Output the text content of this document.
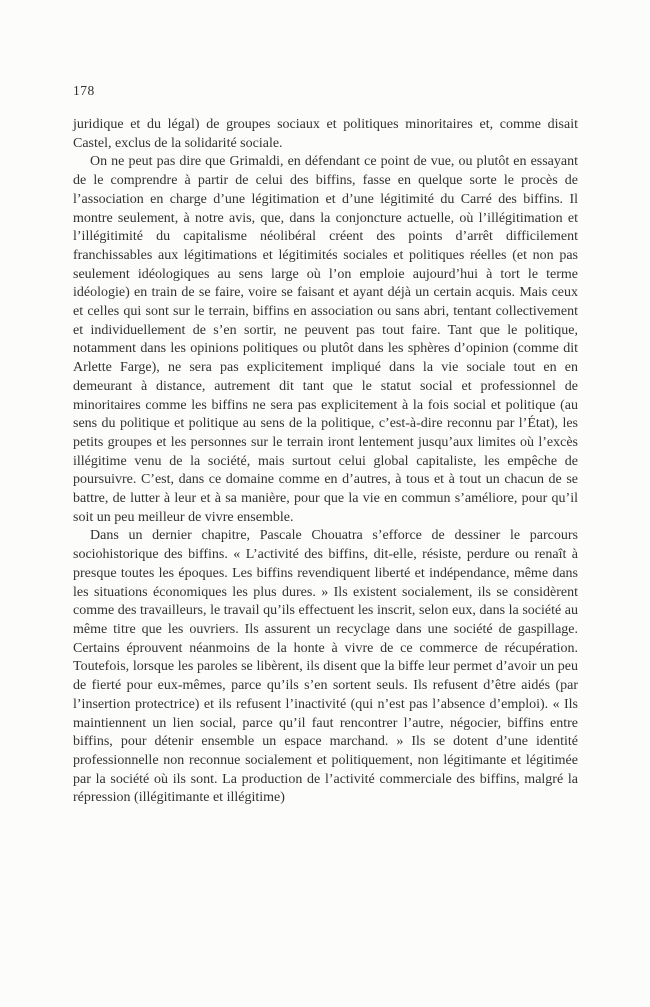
178

juridique et du légal) de groupes sociaux et politiques minoritaires et, comme disait Castel, exclus de la solidarité sociale.

On ne peut pas dire que Grimaldi, en défendant ce point de vue, ou plutôt en essayant de le comprendre à partir de celui des biffins, fasse en quelque sorte le procès de l’association en charge d’une légitimation et d’une légitimité du Carré des biffins. Il montre seulement, à notre avis, que, dans la conjoncture actuelle, où l’illégitimation et l’illégitimité du capitalisme néolibéral créent des points d’arrêt difficilement franchissables aux légitimations et légitimités sociales et politiques réelles (et non pas seulement idéologiques au sens large où l’on emploie aujourd’hui à tort le terme idéologie) en train de se faire, voire se faisant et ayant déjà un certain acquis. Mais ceux et celles qui sont sur le terrain, biffins en association ou sans abri, tentant collectivement et individuellement de s’en sortir, ne peuvent pas tout faire. Tant que le politique, notamment dans les opinions politiques ou plutôt dans les sphères d’opinion (comme dit Arlette Farge), ne sera pas explicitement impliqué dans la vie sociale tout en en demeurant à distance, autrement dit tant que le statut social et professionnel de minoritaires comme les biffins ne sera pas explicitement à la fois social et politique (au sens du politique et politique au sens de la politique, c’est-à-dire reconnu par l’État), les petits groupes et les personnes sur le terrain iront lentement jusqu’aux limites où l’excès illégitime venu de la société, mais surtout celui global capitaliste, les empêche de poursuivre. C’est, dans ce domaine comme en d’autres, à tous et à tout un chacun de se battre, de lutter à leur et à sa manière, pour que la vie en commun s’améliore, pour qu’il soit un peu meilleur de vivre ensemble.

Dans un dernier chapitre, Pascale Chouatra s’efforce de dessiner le parcours sociohistorique des biffins. « L’activité des biffins, dit-elle, résiste, perdure ou renaît à presque toutes les époques. Les biffins revendiquent liberté et indépendance, même dans les situations économiques les plus dures. » Ils existent socialement, ils se considèrent comme des travailleurs, le travail qu’ils effectuent les inscrit, selon eux, dans la société au même titre que les ouvriers. Ils assurent un recyclage dans une société de gaspillage. Certains éprouvent néanmoins de la honte à vivre de ce commerce de récupération. Toutefois, lorsque les paroles se libèrent, ils disent que la biffe leur permet d’avoir un peu de fierté pour eux-mêmes, parce qu’ils s’en sortent seuls. Ils refusent d’être aidés (par l’insertion protectrice) et ils refusent l’inactivité (qui n’est pas l’absence d’emploi). « Ils maintiennent un lien social, parce qu’il faut rencontrer l’autre, négocier, biffins entre biffins, pour détenir ensemble un espace marchand. » Ils se dotent d’une identité professionnelle non reconnue socialement et politiquement, non légitimante et légitimée par la société où ils sont. La production de l’activité commerciale des biffins, malgré la répression (illégitimante et illégitime)
